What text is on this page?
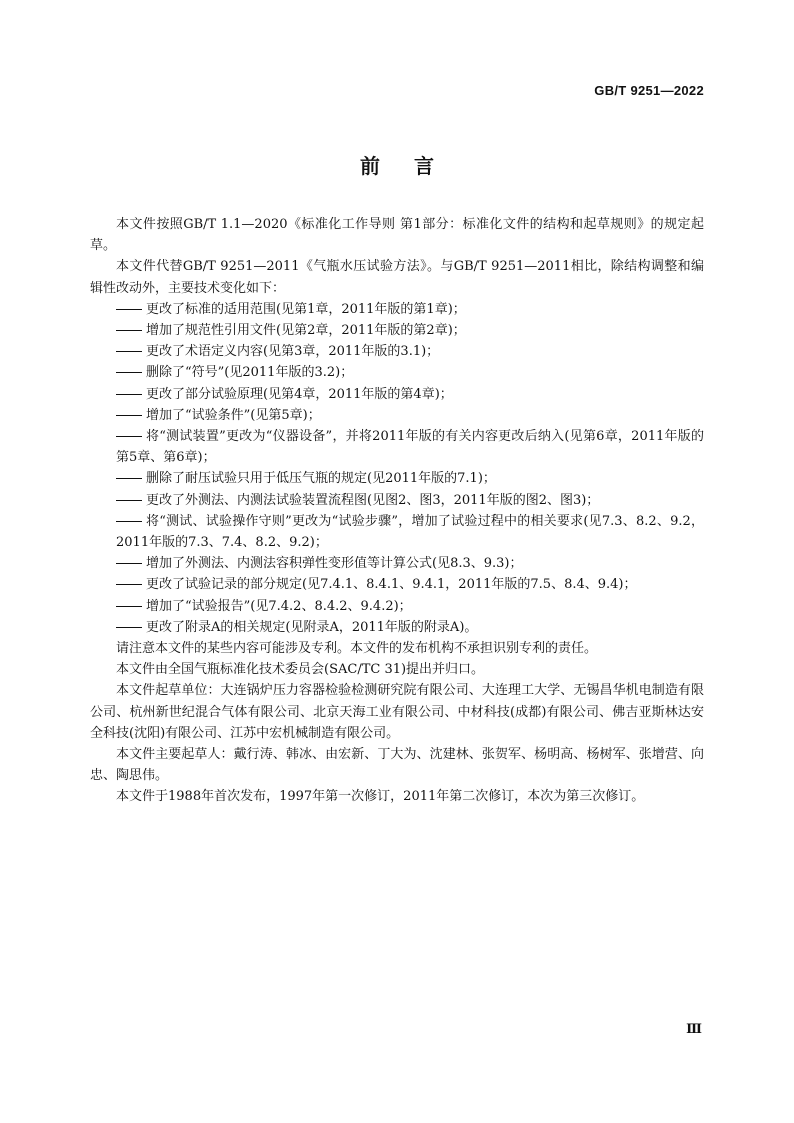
GB/T 9251—2022
前言

本文件按照GB/T 1.1—2020《标准化工作导则 第1部分：标准化文件的结构和起草规则》的规定起草。

本文件代替GB/T 9251—2011《气瓶水压试验方法》。与GB/T 9251—2011相比，除结构调整和编辑性改动外，主要技术变化如下：

更改了标准的适用范围(见第1章，2011年版的第1章)；
增加了规范性引用文件(见第2章，2011年版的第2章)；
更改了术语定义内容(见第3章，2011年版的3.1)；
删除了“符号”(见2011年版的3.2)；
更改了部分试验原理(见第4章，2011年版的第4章)；
增加了“试验条件”(见第5章)；
将“测试装置”更改为“仪器设备”，并将2011年版的有关内容更改后纳入(见第6章，2011年版的第5章、第6章)；
删除了耐压试验只用于低压气瓶的规定(见2011年版的7.1)；
更改了外测法、内测法试验装置流程图(见图2、图3，2011年版的图2、图3)；
将“测试、试验操作守则”更改为“试验步骤”，增加了试验过程中的相关要求(见7.3、8.2、9.2，2011年版的7.3、7.4、8.2、9.2)；
增加了外测法、内测法容积弹性变形值等计算公式(见8.3、9.3)；
更改了试验记录的部分规定(见7.4.1、8.4.1、9.4.1，2011年版的7.5、8.4、9.4)；
增加了“试验报告”(见7.4.2、8.4.2、9.4.2)；
更改了附录A的相关规定(见附录A，2011年版的附录A)。

请注意本文件的某些内容可能涉及专利。本文件的发布机构不承担识别专利的责任。

本文件由全国气瓶标准化技术委员会(SAC/TC 31)提出并归口。

本文件起草单位：大连锅炉压力容器检验检测研究院有限公司、大连理工大学、无锡昌华机电制造有限公司、杭州新世纪混合气体有限公司、北京天海工业有限公司、中材科技(成都)有限公司、佛吉亚斯林达安全科技(沈阳)有限公司、江苏中宏机械制造有限公司。

本文件主要起草人：戴行涛、韩冰、由宏新、丁大为、沈建林、张贺军、杨明高、杨树军、张增营、向忠、陶思伟。

本文件于1988年首次发布，1997年第一次修订，2011年第二次修订，本次为第三次修订。

Ⅲ
